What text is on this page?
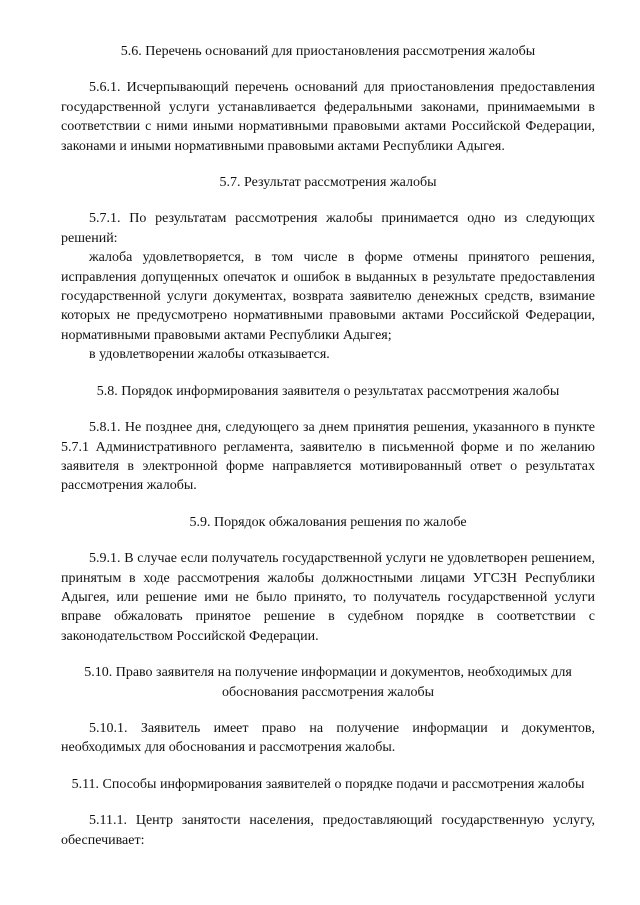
5.6. Перечень оснований для приостановления рассмотрения жалобы

5.6.1. Исчерпывающий перечень оснований для приостановления предоставления государственной услуги устанавливается федеральными законами, принимаемыми в соответствии с ними иными нормативными правовыми актами Российской Федерации, законами и иными нормативными правовыми актами Республики Адыгея.

5.7. Результат рассмотрения жалобы

5.7.1. По результатам рассмотрения жалобы принимается одно из следующих решений:

жалоба удовлетворяется, в том числе в форме отмены принятого решения, исправления допущенных опечаток и ошибок в выданных в результате предоставления государственной услуги документах, возврата заявителю денежных средств, взимание которых не предусмотрено нормативными правовыми актами Российской Федерации, нормативными правовыми актами Республики Адыгея;

в удовлетворении жалобы отказывается.

5.8. Порядок информирования заявителя о результатах рассмотрения жалобы

5.8.1. Не позднее дня, следующего за днем принятия решения, указанного в пункте 5.7.1 Административного регламента, заявителю в письменной форме и по желанию заявителя в электронной форме направляется мотивированный ответ о результатах рассмотрения жалобы.

5.9. Порядок обжалования решения по жалобе

5.9.1. В случае если получатель государственной услуги не удовлетворен решением, принятым в ходе рассмотрения жалобы должностными лицами УГСЗН Республики Адыгея, или решение ими не было принято, то получатель государственной услуги вправе обжаловать принятое решение в судебном порядке в соответствии с законодательством Российской Федерации.

5.10. Право заявителя на получение информации и документов, необходимых для обоснования рассмотрения жалобы

5.10.1. Заявитель имеет право на получение информации и документов, необходимых для обоснования и рассмотрения жалобы.

5.11. Способы информирования заявителей о порядке подачи и рассмотрения жалобы

5.11.1. Центр занятости населения, предоставляющий государственную услугу, обеспечивает:
